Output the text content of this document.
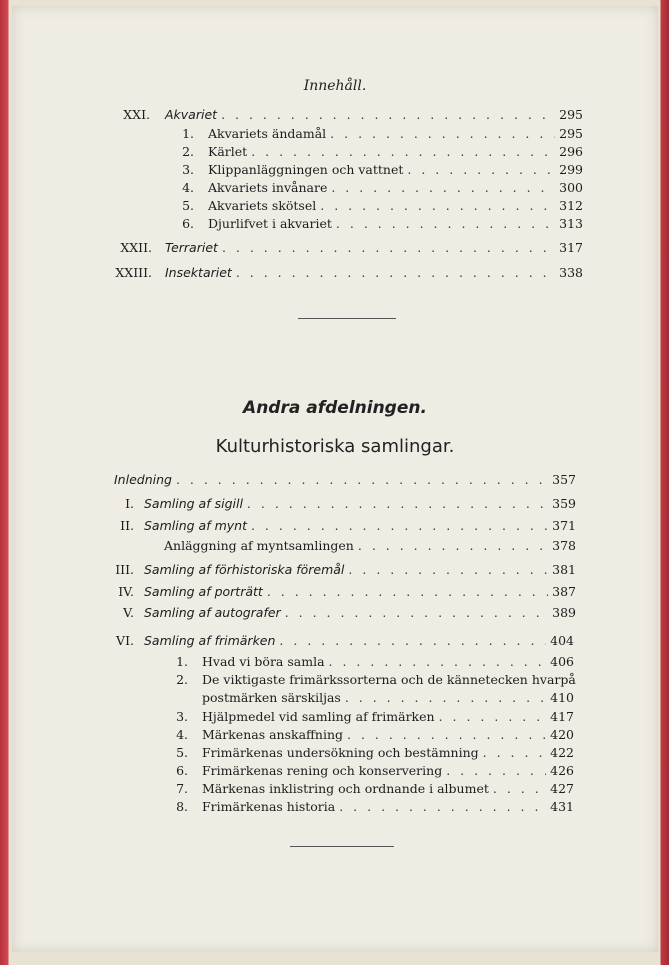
Innehåll.
XXI. Akvariet . . .	295
1. Akvariets ändamål . . .	295
2. Kärlet . . .	296
3. Klippanläggningen och vattnet . . .	299
4. Akvariets invånare . . .	300
5. Akvariets skötsel . . .	312
6. Djurlifvet i akvariet . . .	313
XXII. Terrariet . . .	317
XXIII. Insektariet . . .	338
Andra afdelningen.
Kulturhistoriska samlingar.
Inledning . . .	357
I. Samling af sigill . . .	359
II. Samling af mynt . . .	371
Anläggning af myntsamlingen . . .	378
III. Samling af förhistoriska föremål . . .	381
IV. Samling af porträtt . . .	387
V. Samling af autografer . . .	389
VI. Samling af frimärken . . .	404
1. Hvad vi böra samla . . .	406
2. De viktigaste frimärkssorterna och de kännetecken hvarpå
postmärken särskiljas . . .	410
3. Hjälpmedel vid samling af frimärken . . .	417
4. Märkenas anskaffning . . .	420
5. Frimärkenas undersökning och bestämning . . .	422
6. Frimärkenas rening och konservering . . .	426
7. Märkenas inklistring och ordnande i albumet . . .	427
8. Frimärkenas historia . . .	431
